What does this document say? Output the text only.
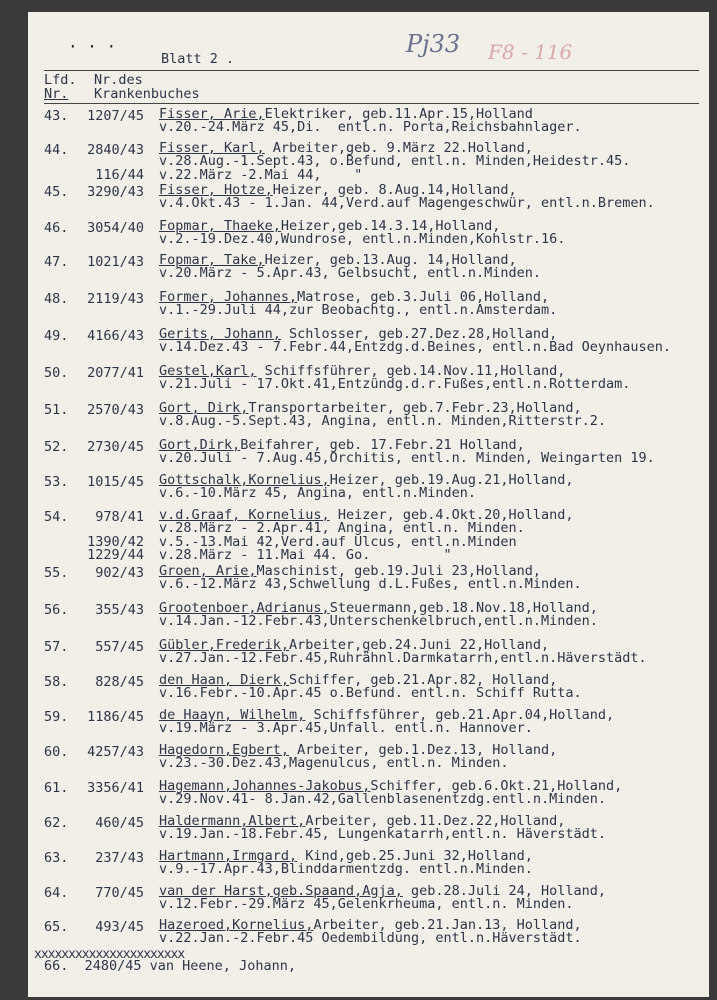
· · ·
Blatt 2 .
Pj33 F8 - 116
Lfd.
Nr.
Nr.des
Krankenbuches
43.	1207/45 Fisser, Arie,Elektriker, geb.11.Apr.15,Holland
v.20.-24.März 45,Di.  entl.n. Porta,Reichsbahnlager.
44.	2840/43 Fisser, Karl, Arbeiter,geb. 9.März 22.Holland,
v.28.Aug.-1.Sept.43, o.Befund, entl.n. Minden,Heidestr.45.
116/44 v.22.März -2.Mai 44,    "
45.	3290/43 Fisser, Hotze,Heizer, geb. 8.Aug.14,Holland,
v.4.Okt.43 - 1.Jan. 44,Verd.auf Magengeschwür, entl.n.Bremen.
46.	3054/40 Fopmar, Thaeke,Heizer,geb.14.3.14,Holland,
v.2.-19.Dez.40,Wundrose, entl.n.Minden,Kohlstr.16.
47.	1021/43 Fopmar, Take,Heizer, geb.13.Aug. 14,Holland,
v.20.März - 5.Apr.43, Gelbsucht, entl.n.Minden.
48.	2119/43 Former, Johannes,Matrose, geb.3.Juli 06,Holland,
v.1.-29.Juli 44,zur Beobachtg., entl.n.Amsterdam.
49.	4166/43 Gerits, Johann, Schlosser, geb.27.Dez.28,Holland,
v.14.Dez.43 - 7.Febr.44,Entzdg.d.Beines, entl.n.Bad Oeynhausen.
50.	2077/41 Gestel,Karl, Schiffsführer, geb.14.Nov.11,Holland,
v.21.Juli - 17.Okt.41,Entzündg.d.r.Fußes,entl.n.Rotterdam.
51.	2570/43 Gort, Dirk,Transportarbeiter, geb.7.Febr.23,Holland,
v.8.Aug.-5.Sept.43, Angina, entl.n. Minden,Ritterstr.2.
52.	2730/45 Gort,Dirk,Beifahrer, geb. 17.Febr.21 Holland,
v.20.Juli - 7.Aug.45,Orchitis, entl.n. Minden, Weingarten 19.
53.	1015/45 Gottschalk,Kornelius,Heizer, geb.19.Aug.21,Holland,
v.6.-10.März 45, Angina, entl.n.Minden.
54.	978/41 v.d.Graaf, Kornelius, Heizer, geb.4.Okt.20,Holland,
v.28.März - 2.Apr.41, Angina, entl.n. Minden.
1390/42 v.5.-13.Mai 42,Verd.auf Ulcus, entl.n.Minden
1229/44 v.28.März - 11.Mai 44. Go.         "
55.	902/43 Groen, Arie,Maschinist, geb.19.Juli 23,Holland,
v.6.-12.März 43,Schwellung d.L.Fußes, entl.n.Minden.
56.	355/43 Grootenboer,Adrianus,Steuermann,geb.18.Nov.18,Holland,
v.14.Jan.-12.Febr.43,Unterschenkelbruch,entl.n.Minden.
57.	557/45 Gübler,Frederik,Arbeiter,geb.24.Juni 22,Holland,
v.27.Jan.-12.Febr.45,Ruhrähnl.Darmkatarrh,entl.n.Häverstädt.
58.	828/45 den Haan, Dierk,Schiffer, geb.21.Apr.82, Holland,
v.16.Febr.-10.Apr.45 o.Befund. entl.n. Schiff Rutta.
59.	1186/45 de Haayn, Wilhelm, Schiffsführer, geb.21.Apr.04,Holland,
v.19.März - 3.Apr.45,Unfall. entl.n. Hannover.
60.	4257/43 Hagedorn,Egbert, Arbeiter, geb.1.Dez.13, Holland,
v.23.-30.Dez.43,Magenulcus, entl.n. Minden.
61.	3356/41 Hagemann,Johannes-Jakobus,Schiffer, geb.6.Okt.21,Holland,
v.29.Nov.41- 8.Jan.42,Gallenblasenentzdg.entl.n.Minden.
62.	460/45 Haldermann,Albert,Arbeiter, geb.11.Dez.22,Holland,
v.19.Jan.-18.Febr.45, Lungenkatarrh,entl.n. Häverstädt.
63.	237/43 Hartmann,Irmgard, Kind,geb.25.Juni 32,Holland,
v.9.-17.Apr.43,Blinddarmentzdg. entl.n.Minden.
64.	770/45 van der Harst,geb.Spaand,Agja, geb.28.Juli 24, Holland,
v.12.Febr.-29.März 45,Gelenkrheuma, entl.n. Minden.
65.	493/45 Hazeroed,Kornelius,Arbeiter, geb.21.Jan.13, Holland,
v.22.Jan.-2.Febr.45 Oedembildung, entl.n.Häverstädt.
xxxxxxxxxxxxxxxxxxxxxx
66.  2480/45 van Heene, Johann,
